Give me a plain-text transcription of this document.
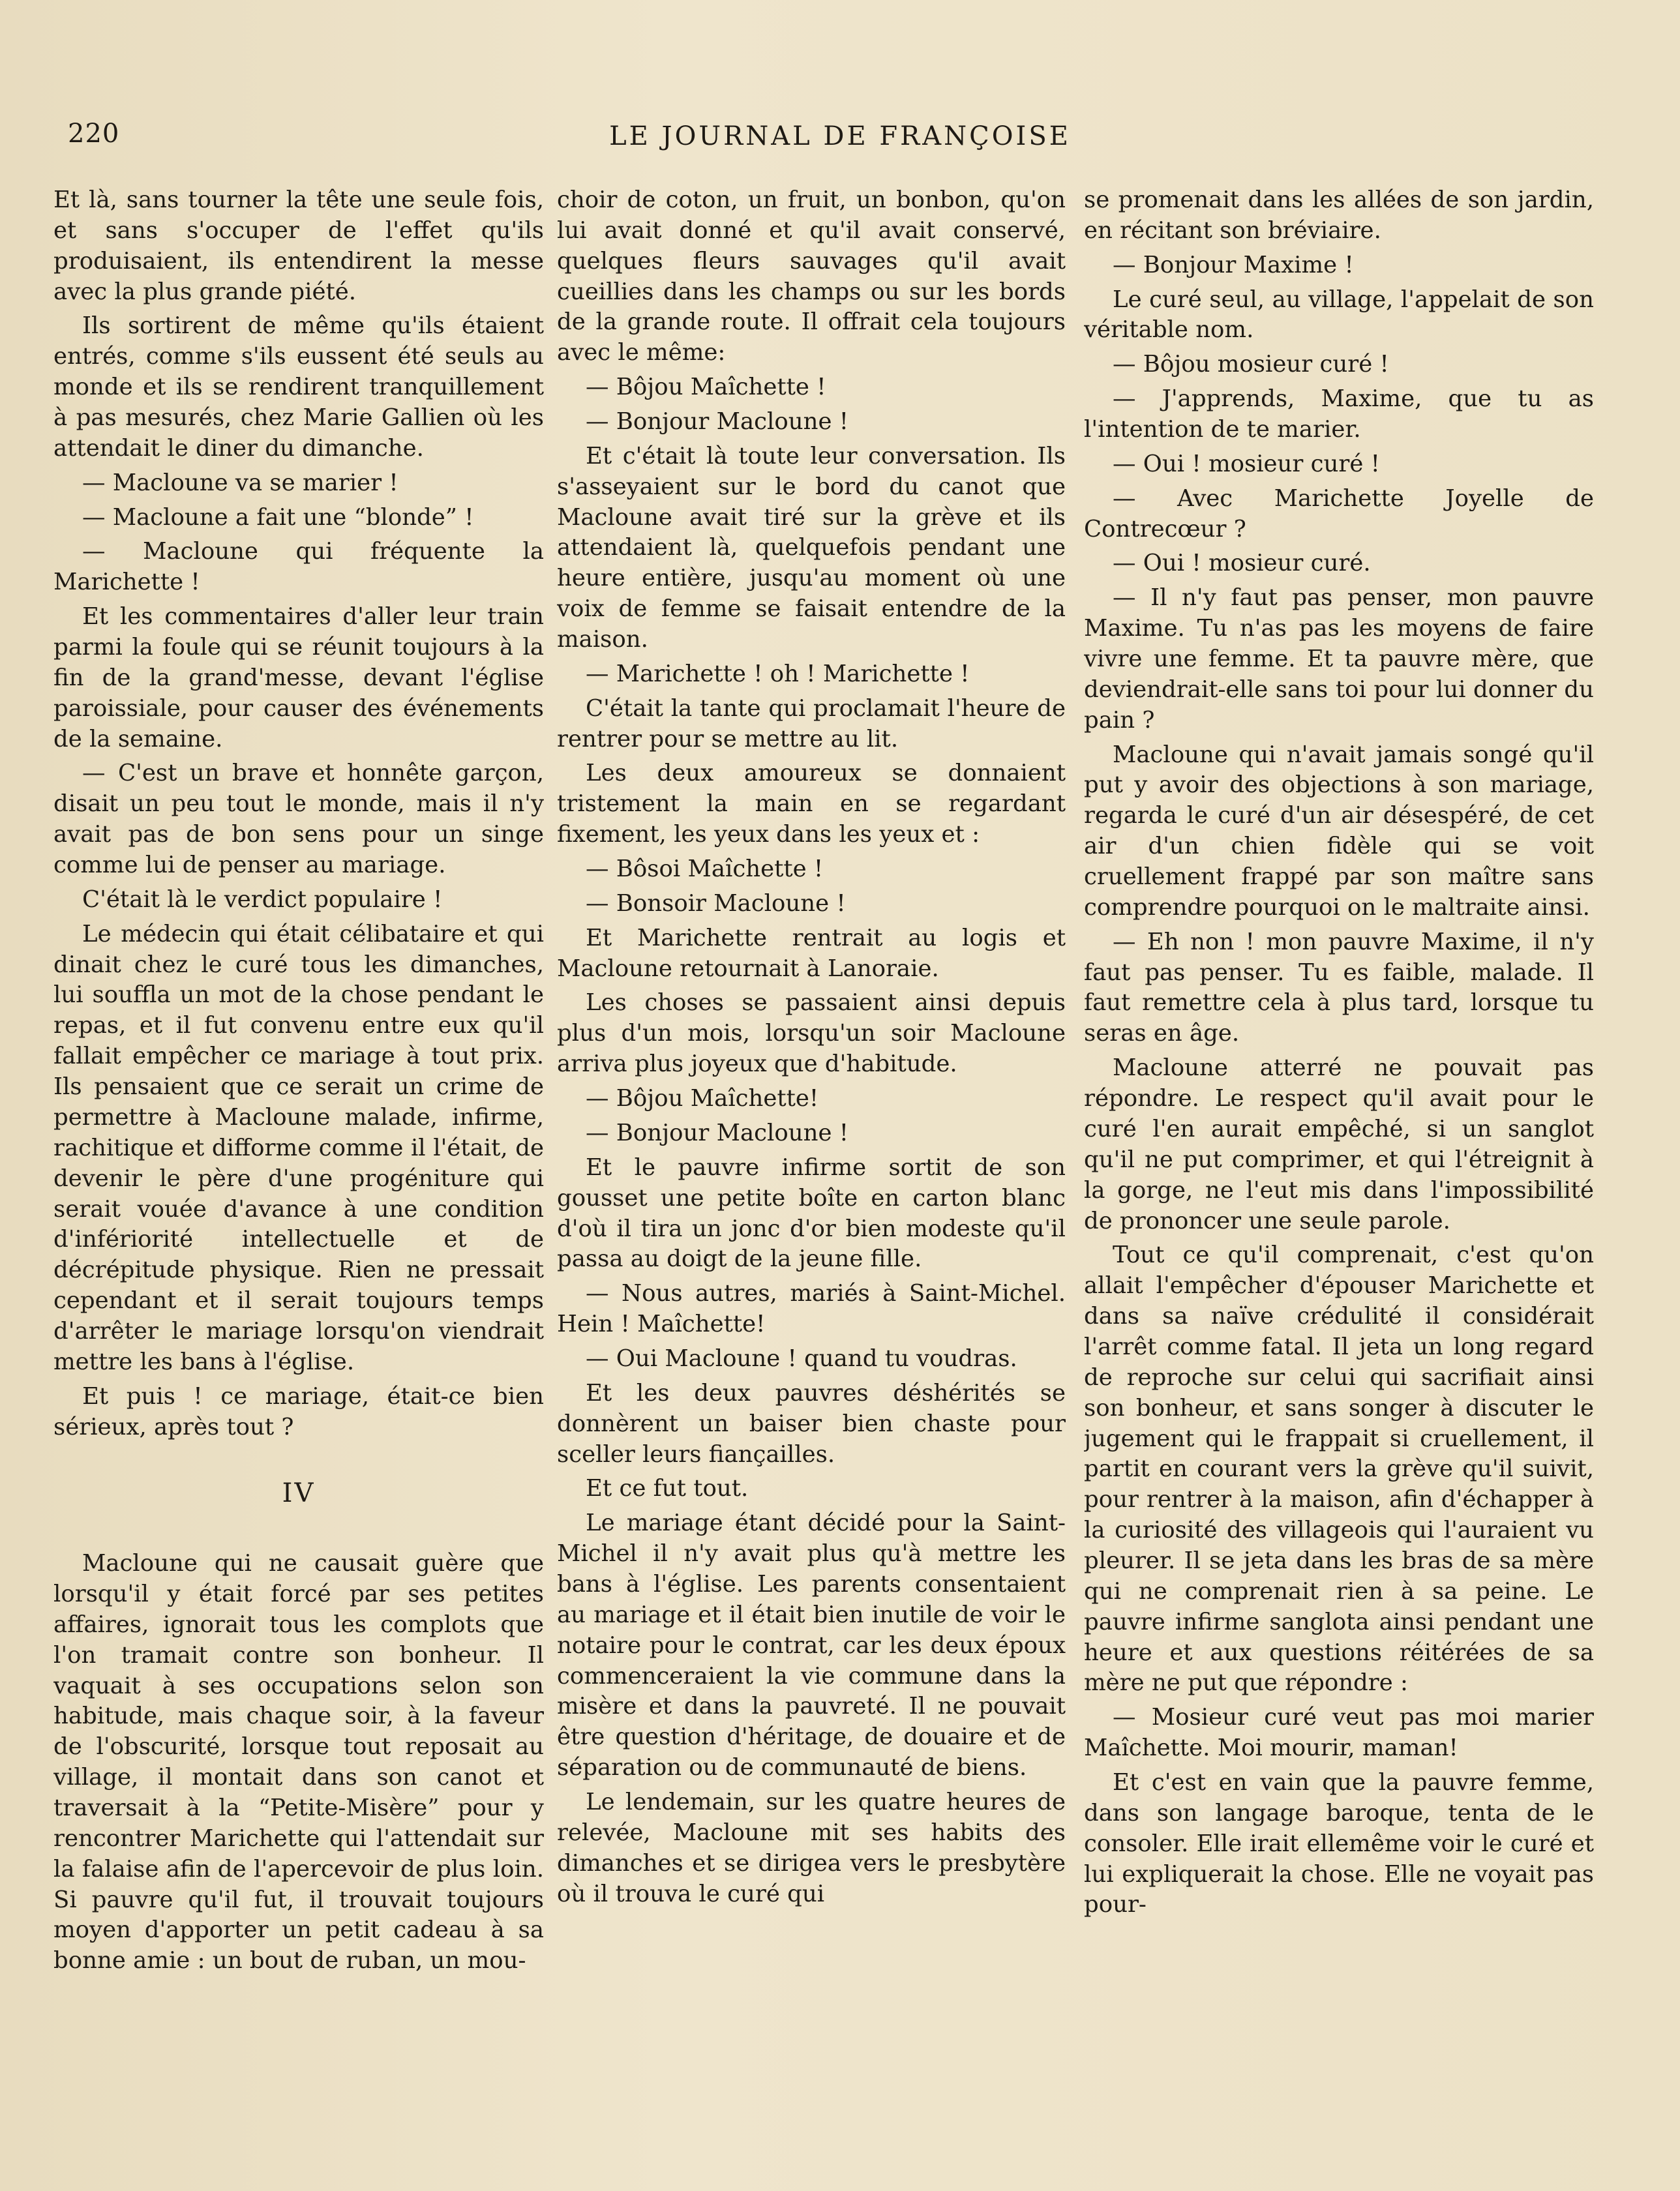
220	LE JOURNAL DE FRANÇOISE

Et là, sans tourner la tête une seule fois, et sans s'occuper de l'effet qu'ils produisaient, ils entendirent la messe avec la plus grande piété.

Ils sortirent de même qu'ils étaient entrés, comme s'ils eussent été seuls au monde et ils se rendirent tranquillement à pas mesurés, chez Marie Gallien où les attendait le diner du dimanche.

— Macloune va se marier !

— Macloune a fait une “blonde” !

— Macloune qui fréquente la Marichette !

Et les commentaires d'aller leur train parmi la foule qui se réunit toujours à la fin de la grand'messe, devant l'église paroissiale, pour causer des événements de la semaine.

— C'est un brave et honnête garçon, disait un peu tout le monde, mais il n'y avait pas de bon sens pour un singe comme lui de penser au mariage.

C'était là le verdict populaire !

Le médecin qui était célibataire et qui dinait chez le curé tous les dimanches, lui souffla un mot de la chose pendant le repas, et il fut convenu entre eux qu'il fallait empêcher ce mariage à tout prix. Ils pensaient que ce serait un crime de permettre à Macloune malade, infirme, rachitique et difforme comme il l'était, de devenir le père d'une progéniture qui serait vouée d'avance à une condition d'infériorité intellectuelle et de décrépitude physique. Rien ne pressait cependant et il serait toujours temps d'arrêter le mariage lorsqu'on viendrait mettre les bans à l'église.

Et puis ! ce mariage, était-ce bien sérieux, après tout ?

IV

Macloune qui ne causait guère que lorsqu'il y était forcé par ses petites affaires, ignorait tous les complots que l'on tramait contre son bonheur. Il vaquait à ses occupations selon son habitude, mais chaque soir, à la faveur de l'obscurité, lorsque tout reposait au village, il montait dans son canot et traversait à la “Petite-Misère” pour y rencontrer Marichette qui l'attendait sur la falaise afin de l'apercevoir de plus loin. Si pauvre qu'il fut, il trouvait toujours moyen d'apporter un petit cadeau à sa bonne amie : un bout de ruban, un mou-

choir de coton, un fruit, un bonbon, qu'on lui avait donné et qu'il avait conservé, quelques fleurs sauvages qu'il avait cueillies dans les champs ou sur les bords de la grande route. Il offrait cela toujours avec le même:

— Bôjou Maîchette !

— Bonjour Macloune !

Et c'était là toute leur conversation. Ils s'asseyaient sur le bord du canot que Macloune avait tiré sur la grève et ils attendaient là, quelquefois pendant une heure entière, jusqu'au moment où une voix de femme se faisait entendre de la maison.

— Marichette ! oh ! Marichette !

C'était la tante qui proclamait l'heure de rentrer pour se mettre au lit.

Les deux amoureux se donnaient tristement la main en se regardant fixement, les yeux dans les yeux et :

— Bôsoi Maîchette !

— Bonsoir Macloune !

Et Marichette rentrait au logis et Macloune retournait à Lanoraie.

Les choses se passaient ainsi depuis plus d'un mois, lorsqu'un soir Macloune arriva plus joyeux que d'habitude.

— Bôjou Maîchette!

— Bonjour Macloune !

Et le pauvre infirme sortit de son gousset une petite boîte en carton blanc d'où il tira un jonc d'or bien modeste qu'il passa au doigt de la jeune fille.

— Nous autres, mariés à Saint-Michel. Hein ! Maîchette!

— Oui Macloune ! quand tu voudras.

Et les deux pauvres déshérités se donnèrent un baiser bien chaste pour sceller leurs fiançailles.

Et ce fut tout.

Le mariage étant décidé pour la Saint-Michel il n'y avait plus qu'à mettre les bans à l'église. Les parents consentaient au mariage et il était bien inutile de voir le notaire pour le contrat, car les deux époux commenceraient la vie commune dans la misère et dans la pauvreté. Il ne pouvait être question d'héritage, de douaire et de séparation ou de communauté de biens.

Le lendemain, sur les quatre heures de relevée, Macloune mit ses habits des dimanches et se dirigea vers le presbytère où il trouva le curé qui

se promenait dans les allées de son jardin, en récitant son bréviaire.

— Bonjour Maxime !

Le curé seul, au village, l'appelait de son véritable nom.

— Bôjou mosieur curé !

— J'apprends, Maxime, que tu as l'intention de te marier.

— Oui ! mosieur curé !

— Avec Marichette Joyelle de Contrecœur ?

— Oui ! mosieur curé.

— Il n'y faut pas penser, mon pauvre Maxime. Tu n'as pas les moyens de faire vivre une femme. Et ta pauvre mère, que deviendrait-elle sans toi pour lui donner du pain ?

Macloune qui n'avait jamais songé qu'il put y avoir des objections à son mariage, regarda le curé d'un air désespéré, de cet air d'un chien fidèle qui se voit cruellement frappé par son maître sans comprendre pourquoi on le maltraite ainsi.

— Eh non ! mon pauvre Maxime, il n'y faut pas penser. Tu es faible, malade. Il faut remettre cela à plus tard, lorsque tu seras en âge.

Macloune atterré ne pouvait pas répondre. Le respect qu'il avait pour le curé l'en aurait empêché, si un sanglot qu'il ne put comprimer, et qui l'étreignit à la gorge, ne l'eut mis dans l'impossibilité de prononcer une seule parole.

Tout ce qu'il comprenait, c'est qu'on allait l'empêcher d'épouser Marichette et dans sa naïve crédulité il considérait l'arrêt comme fatal. Il jeta un long regard de reproche sur celui qui sacrifiait ainsi son bonheur, et sans songer à discuter le jugement qui le frappait si cruellement, il partit en courant vers la grève qu'il suivit, pour rentrer à la maison, afin d'échapper à la curiosité des villageois qui l'auraient vu pleurer. Il se jeta dans les bras de sa mère qui ne comprenait rien à sa peine. Le pauvre infirme sanglota ainsi pendant une heure et aux questions réitérées de sa mère ne put que répondre :

— Mosieur curé veut pas moi marier Maîchette. Moi mourir, maman!

Et c'est en vain que la pauvre femme, dans son langage baroque, tenta de le consoler. Elle irait ellemême voir le curé et lui expliquerait la chose. Elle ne voyait pas pour-
